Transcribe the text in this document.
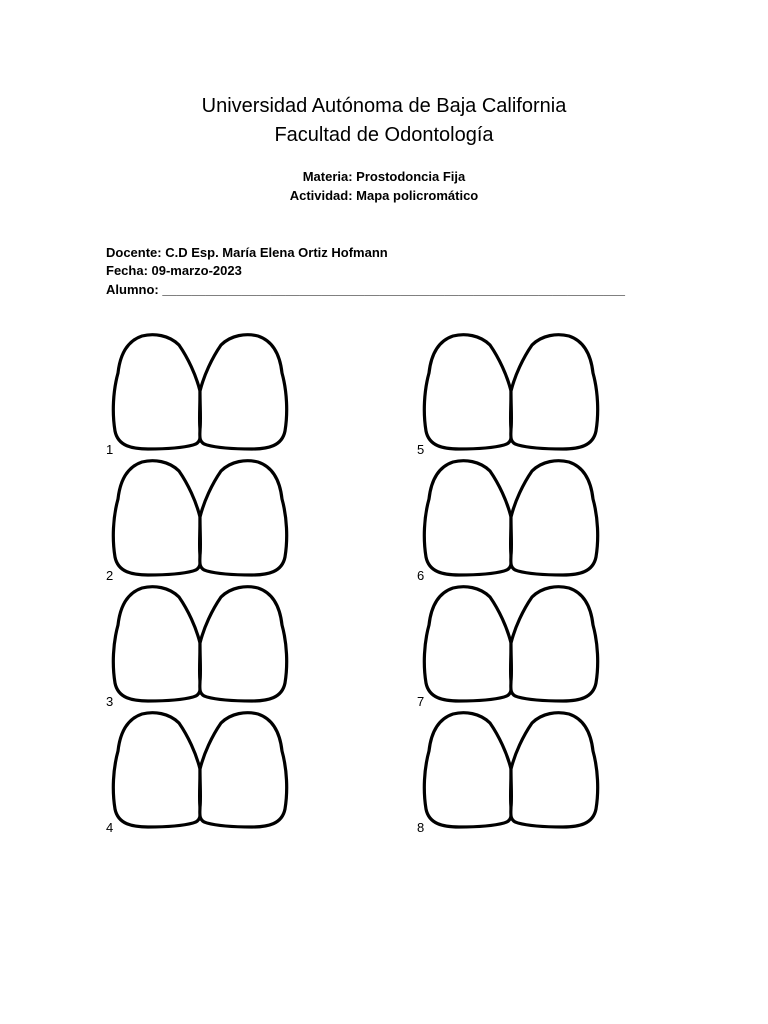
Universidad Autónoma de Baja California
Facultad de Odontología
Materia: Prostodoncia Fija
Actividad: Mapa policromático
Docente: C.D Esp. María Elena Ortiz Hofmann
Fecha: 09-marzo-2023
Alumno: ________________________________________________________________
1
2
3
4
5
6
7
8
